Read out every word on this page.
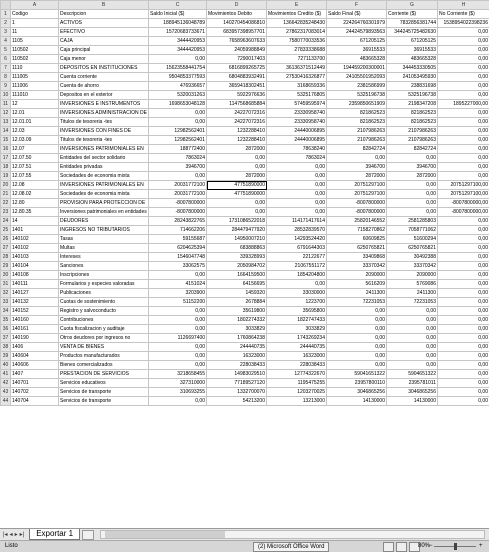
	A	B	C	D	E	F	G	H
1	Codigo	Descripcion	Saldo Inicial ($)	Movimientos Debito	Movimientos Credito ($)	Saldo Final ($)	Corriente ($)	No Corriente ($)
2	1	ACTIVOS	188945136048789	140270454086810	136642835248430	224264760301979	7832856381744	1538954022398236
3	11	EFECTIVO	15720683733671	683957398957701	27862317083014	24424579893563	344245725482630	0,00
4	1105	CAJA	3444420953	7658963607633	7580770033536	671205125	671205125	0,00
5	110502	Caja principal	3444420953	24059988849	27833338688	36915533	36915533	0,00
6	110502	Caja menor	0,00	7290017403	7271133700	483665328	483665328	0,00
7	1110	DEPOSITOS EN INSTITUCIONES	15623558441754	6816899265725	36136371512449	194459200300001	344453330505	0,00
8	111005	Cuenta corriente	9504853377593	6804883932491	27530416326877	24105501952093	241053495930	0,00
9	111006	Cuenta de ahorro	476936657	3659418302451	3168659336	2381586999	238831698	0,00
10	111010	Depositos en el exterior	5320031263	5922976636	5325176805	5325196738	5325196738	0,00
11	12	INVERSIONES E INSTRUMENTOS	1698653048128	1147568685884	57459595974	2359850651909	2198347208	1895227000,00
12	12.01	INVERSIONES ADMINISTRACION DE	0,00	24227072316	23330958740	821862523	821862523	0,00
13	12.01.01	Titulos de tesoreria -tes	0,00	24227072316	23330958740	821862523	821862523	0,00
14	12.03	INVERSIONES CON FINES DE	12982562401	1232288410	24440006895	2107986263	2107986263	0,00
15	12.03.09	Titulos de tesoreria -tes	12982562401	1232288410	24440006895	2107986263	2107986263	0,00
16	12.07	INVERSIONES PATRIMONIALES EN	188772400	2872000	78638240	82842724	82842724	0,00
17	12.07.50	Entidades del sector solidario	7863024	0,00	7863024	0,00	0,00	0,00
18	12.07.51	Entidades privadas	3946700	0,00	0,00	3946700	3946700	0,00
19	12.07.55	Sociedades de economia mixta	0,00	2872000	0,00	2872000	2872000	0,00
20	12.08	INVERSIONES PATRIMONIALES EN	20031772100	47751890000	0,00	20751297100	0,00	20751297100,00
21	12.08.02	Sociedades de economia mixta	20031772100	47751890000	0,00	20751297100	0,00	20751297100,00
22	12.80	PROVISION PARA PROTECCION DE	-8007800000	0,00	0,00	-8007800000	0,00	-8007800000,00
23	12.80.35	Inversiones patrimoniales en entidades	-8007800000	0,00	0,00	-8007800000	0,00	-8007800000,00
24	14	DEUDORES	28243822765	1731086522018	114171417614	25820146552	2581285803	0,00
25	1401	INGRESOS NO TRIBUTARIOS	714662206	284479477920	28532839570	7158270862	7058771062	0,00
26	140102	Tasas	59155687	14950007210	14293524420	60609825	51600294	0,00
27	140102	Multas	6204625394	683888863	6791644303	6250765821	6250765821	0,00
28	140103	Intereses	1546047748	339328993	22122677	33409868	30492388	0,00
29	140104	Sanciones	33062575	2050984702	21067551172	33370342	33370342	0,00
30	140108	Inscripciones	0,00	1664159500	1854204800	2090000	2090000	0,00
31	140111	Formularios y especies valoradas	4151024	64156695	0,00	5616209	5769086	0,00
32	140127	Publicaciones	3203900	1459320	33030000	2411300	2411300	0,00
33	140132	Cuotas de sostenimiento	51152200	2678884	1223700	72231053	72231053	0,00
34	140152	Registro y salvoconducto	0,00	35619800	35695800	0,00	0,00	0,00
35	140160	Contribuciones	0,00	1802274332	1822747433	0,00	0,00	0,00
36	140161	Cuota fiscalizacion y auditaje	0,00	3033829	3033829	0,00	0,00	0,00
37	140190	Otros deudores por ingresos no	1126697400	1760864238	1743269234	0,00	0,00	0,00
38	1406	VENTA DE BIENES	0,00	244440735	244440735	0,00	0,00	0,00
39	140604	Productos manufacturados	0,00	16323000	16323000	0,00	0,00	0,00
40	140606	Bienes comercializados	0,00	228038433	228038433	0,00	0,00	0,00
41	1407	PRESTACION DE SERVICIOS	3218658455	14983029510	12774322670	59041651322	5904651322	0,00
42	140701	Servicios educativos	327310000	77189527120	1195475255	23957800110	2395781011	0,00
43	140702	Servicios de transporte	310693255	1332700070	1203270025	3046865256	3046865256	0,00
44	140704	Servicios de transporte	0,00	54213200	13213000	14130000	14130000	0,00
|◂ ◂ ▸ ▸|	Exportar 1
Listo	(2) Microsoft Office Word	80%
−	+
